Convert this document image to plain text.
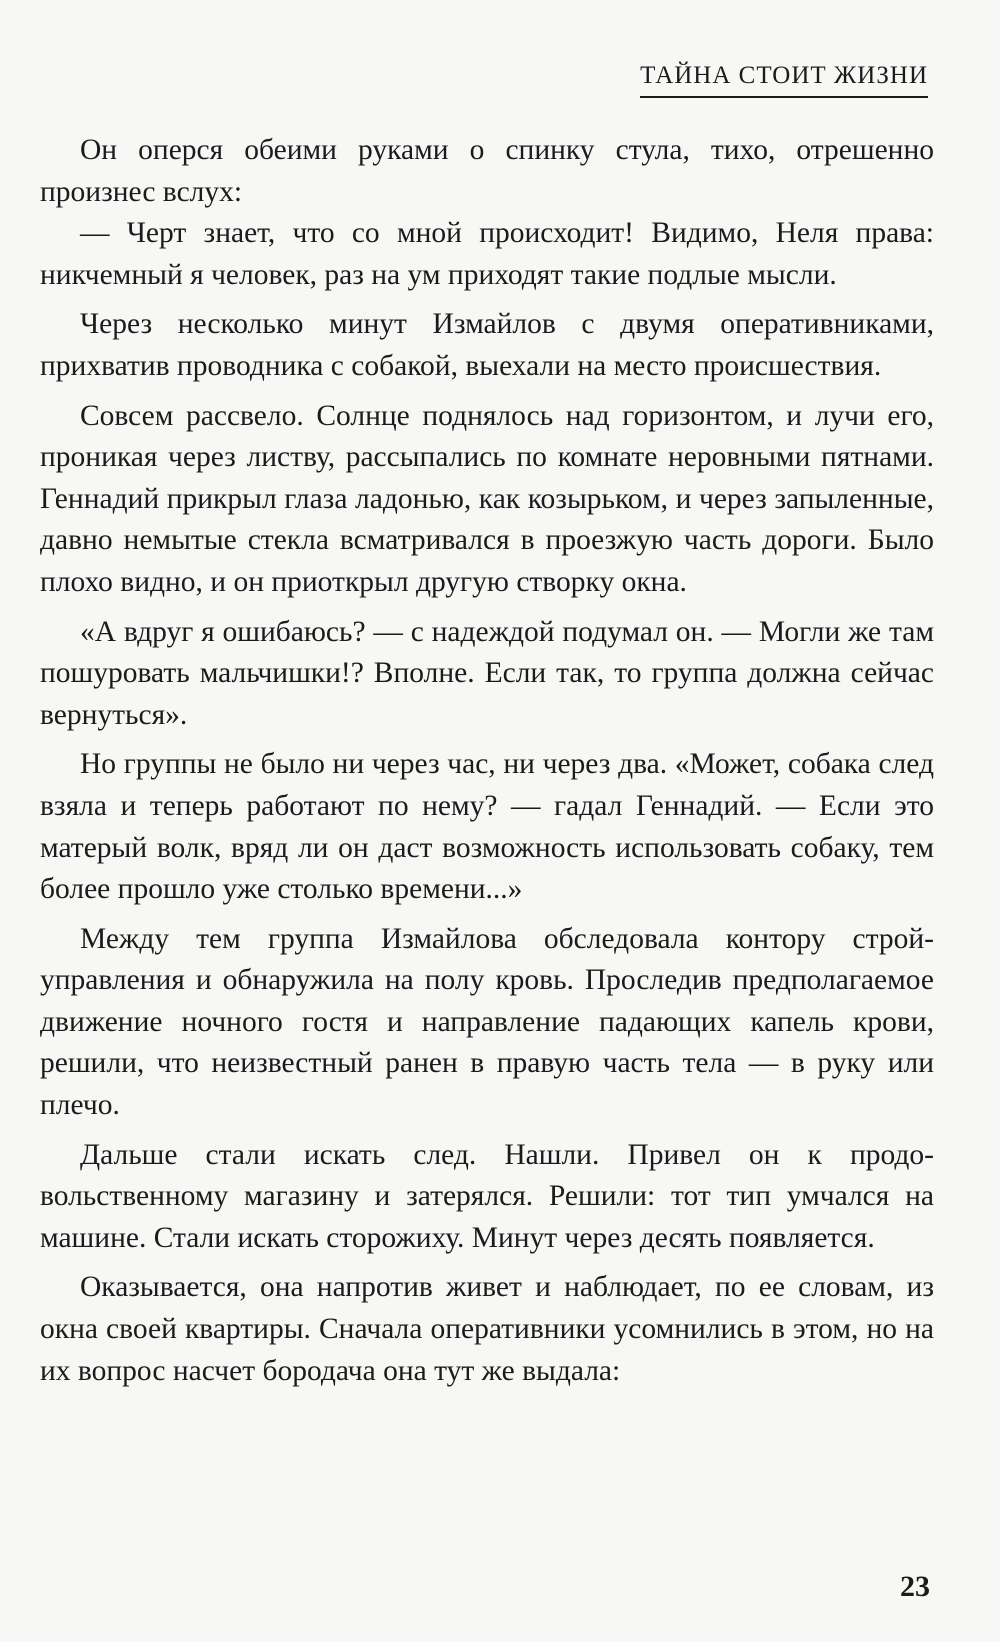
ТАЙНА СТОИТ ЖИЗНИ

Он оперся обеими руками о спинку стула, тихо, отрешенно произнес вслух:

— Черт знает, что со мной происходит! Видимо, Неля права: никчемный я человек, раз на ум приходят такие подлые мысли.

Через несколько минут Измайлов с двумя оперативниками, прихватив проводника с собакой, выехали на место происшествия.

Совсем рассвело. Солнце поднялось над горизонтом, и лучи его, проникая через листву, рассыпались по комнате неровными пятнами. Геннадий прикрыл глаза ладонью, как козырьком, и через запыленные, давно немытые стекла всматривался в проезжую часть дороги. Было плохо видно, и он приоткрыл другую створку окна.

«А вдруг я ошибаюсь? — с надеждой подумал он. — Могли же там пошуровать мальчишки!? Вполне. Если так, то группа должна сейчас вернуться».

Но группы не было ни через час, ни через два. «Может, собака след взяла и теперь работают по нему? — гадал Геннадий. — Если это матерый волк, вряд ли он даст возможность использовать собаку, тем более прошло уже столько времени...»

Между тем группа Измайлова обследовала контору стройуправления и обнаружила на полу кровь. Проследив предполагаемое движение ночного гостя и направление падающих капель крови, решили, что неизвестный ранен в правую часть тела — в руку или плечо.

Дальше стали искать след. Нашли. Привел он к продовольственному магазину и затерялся. Решили: тот тип умчался на машине. Стали искать сторожиху. Минут через десять появляется.

Оказывается, она напротив живет и наблюдает, по ее словам, из окна своей квартиры. Сначала оперативники усомнились в этом, но на их вопрос насчет бородача она тут же выдала:

23
